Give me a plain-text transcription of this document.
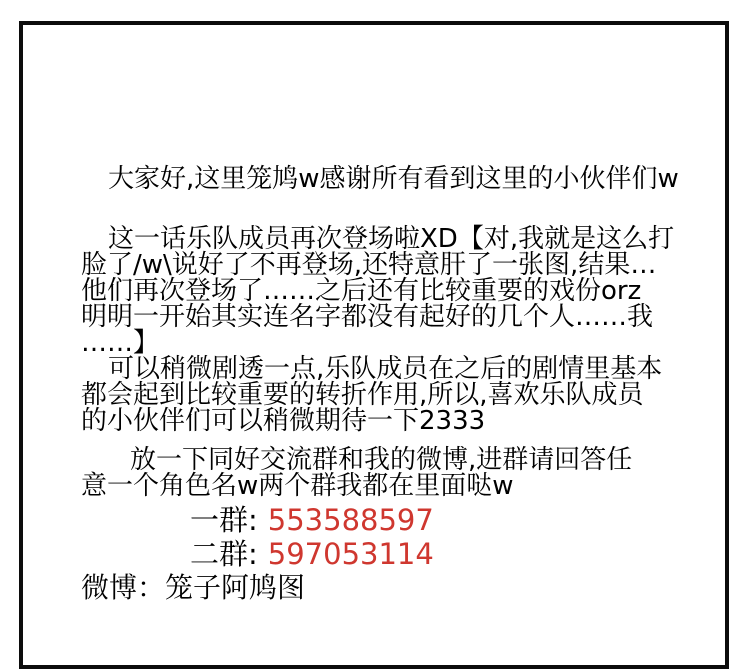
大家好,这里笼鸠w感谢所有看到这里的小伙伴们w
这一话乐队成员再次登场啦XD【对,我就是这么打
脸了/w\说好了不再登场,还特意肝了一张图,结果…
他们再次登场了……之后还有比较重要的戏份orz
明明一开始其实连名字都没有起好的几个人……我
……】
可以稍微剧透一点,乐队成员在之后的剧情里基本
都会起到比较重要的转折作用,所以,喜欢乐队成员
的小伙伴们可以稍微期待一下2333
放一下同好交流群和我的微博,进群请回答任
意一个角色名w两个群我都在里面哒w
一群: 553588597
二群: 597053114
微博：笼子阿鸠图
